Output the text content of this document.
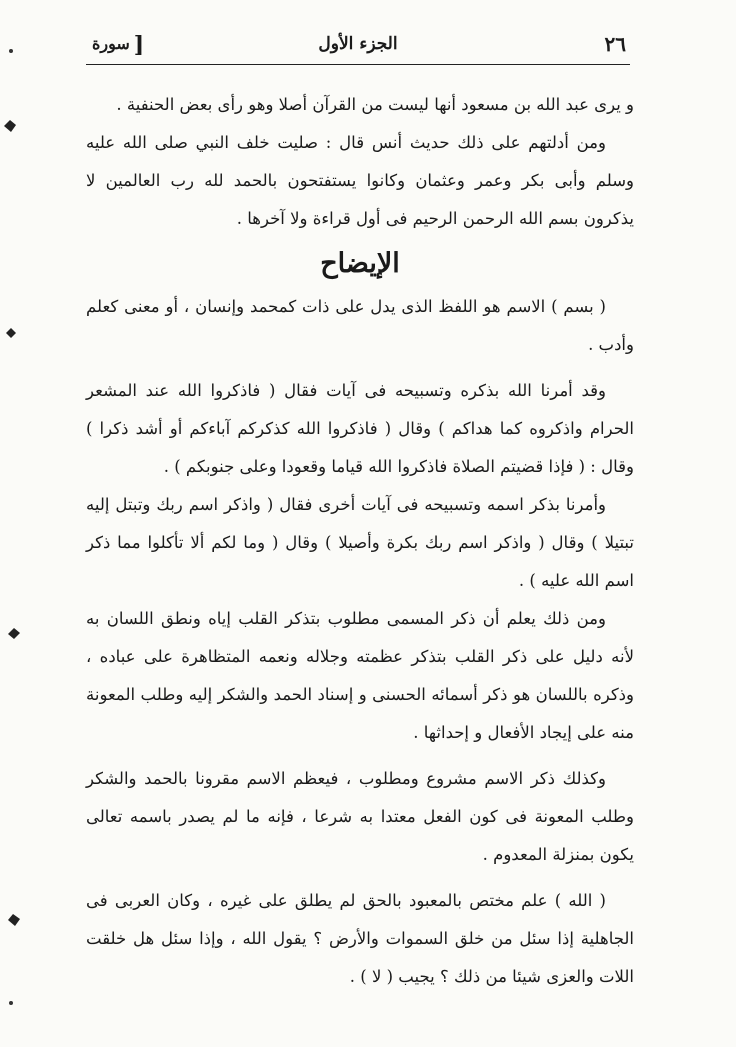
٢٦
الجزء الأول
[سورة

و يرى عبد الله بن مسعود أنها ليست من القرآن أصلا وهو رأى بعض الحنفية .

ومن أدلتهم على ذلك حديث أنس قال : صليت خلف النبي صلى الله عليه وسلم وأبى بكر وعمر وعثمان وكانوا يستفتحون بالحمد لله رب العالمين لا يذكرون بسم الله الرحمن الرحيم فى أول قراءة ولا آخرها .

الإيضاح

( بسم ) الاسم هو اللفظ الذى يدل على ذات كمحمد وإنسان ، أو معنى كعلم وأدب .

وقد أمرنا الله بذكره وتسبيحه فى آيات فقال ( فاذكروا الله عند المشعر الحرام واذكروه كما هداكم ) وقال ( فاذكروا الله كذكركم آباءكم أو أشد ذكرا ) وقال : ( فإذا قضيتم الصلاة فاذكروا الله قياما وقعودا وعلى جنوبكم ) .

وأمرنا بذكر اسمه وتسبيحه فى آيات أخرى فقال ( واذكر اسم ربك وتبتل إليه تبتيلا ) وقال ( واذكر اسم ربك بكرة وأصيلا ) وقال ( وما لكم ألا تأكلوا مما ذكر اسم الله عليه ) .

ومن ذلك يعلم أن ذكر المسمى مطلوب بتذكر القلب إياه ونطق اللسان به لأنه دليل على ذكر القلب بتذكر عظمته وجلاله ونعمه المتظاهرة على عباده ، وذكره باللسان هو ذكر أسمائه الحسنى و إسناد الحمد والشكر إليه وطلب المعونة منه على إيجاد الأفعال و إحداثها .

وكذلك ذكر الاسم مشروع ومطلوب ، فيعظم الاسم مقرونا بالحمد والشكر وطلب المعونة فى كون الفعل معتدا به شرعا ، فإنه ما لم يصدر باسمه تعالى يكون بمنزلة المعدوم .

( الله ) علم مختص بالمعبود بالحق لم يطلق على غيره ، وكان العربى فى الجاهلية إذا سئل من خلق السموات والأرض ؟ يقول الله ، وإذا سئل هل خلقت اللات والعزى شيئا من ذلك ؟ يجيب ( لا ) .
